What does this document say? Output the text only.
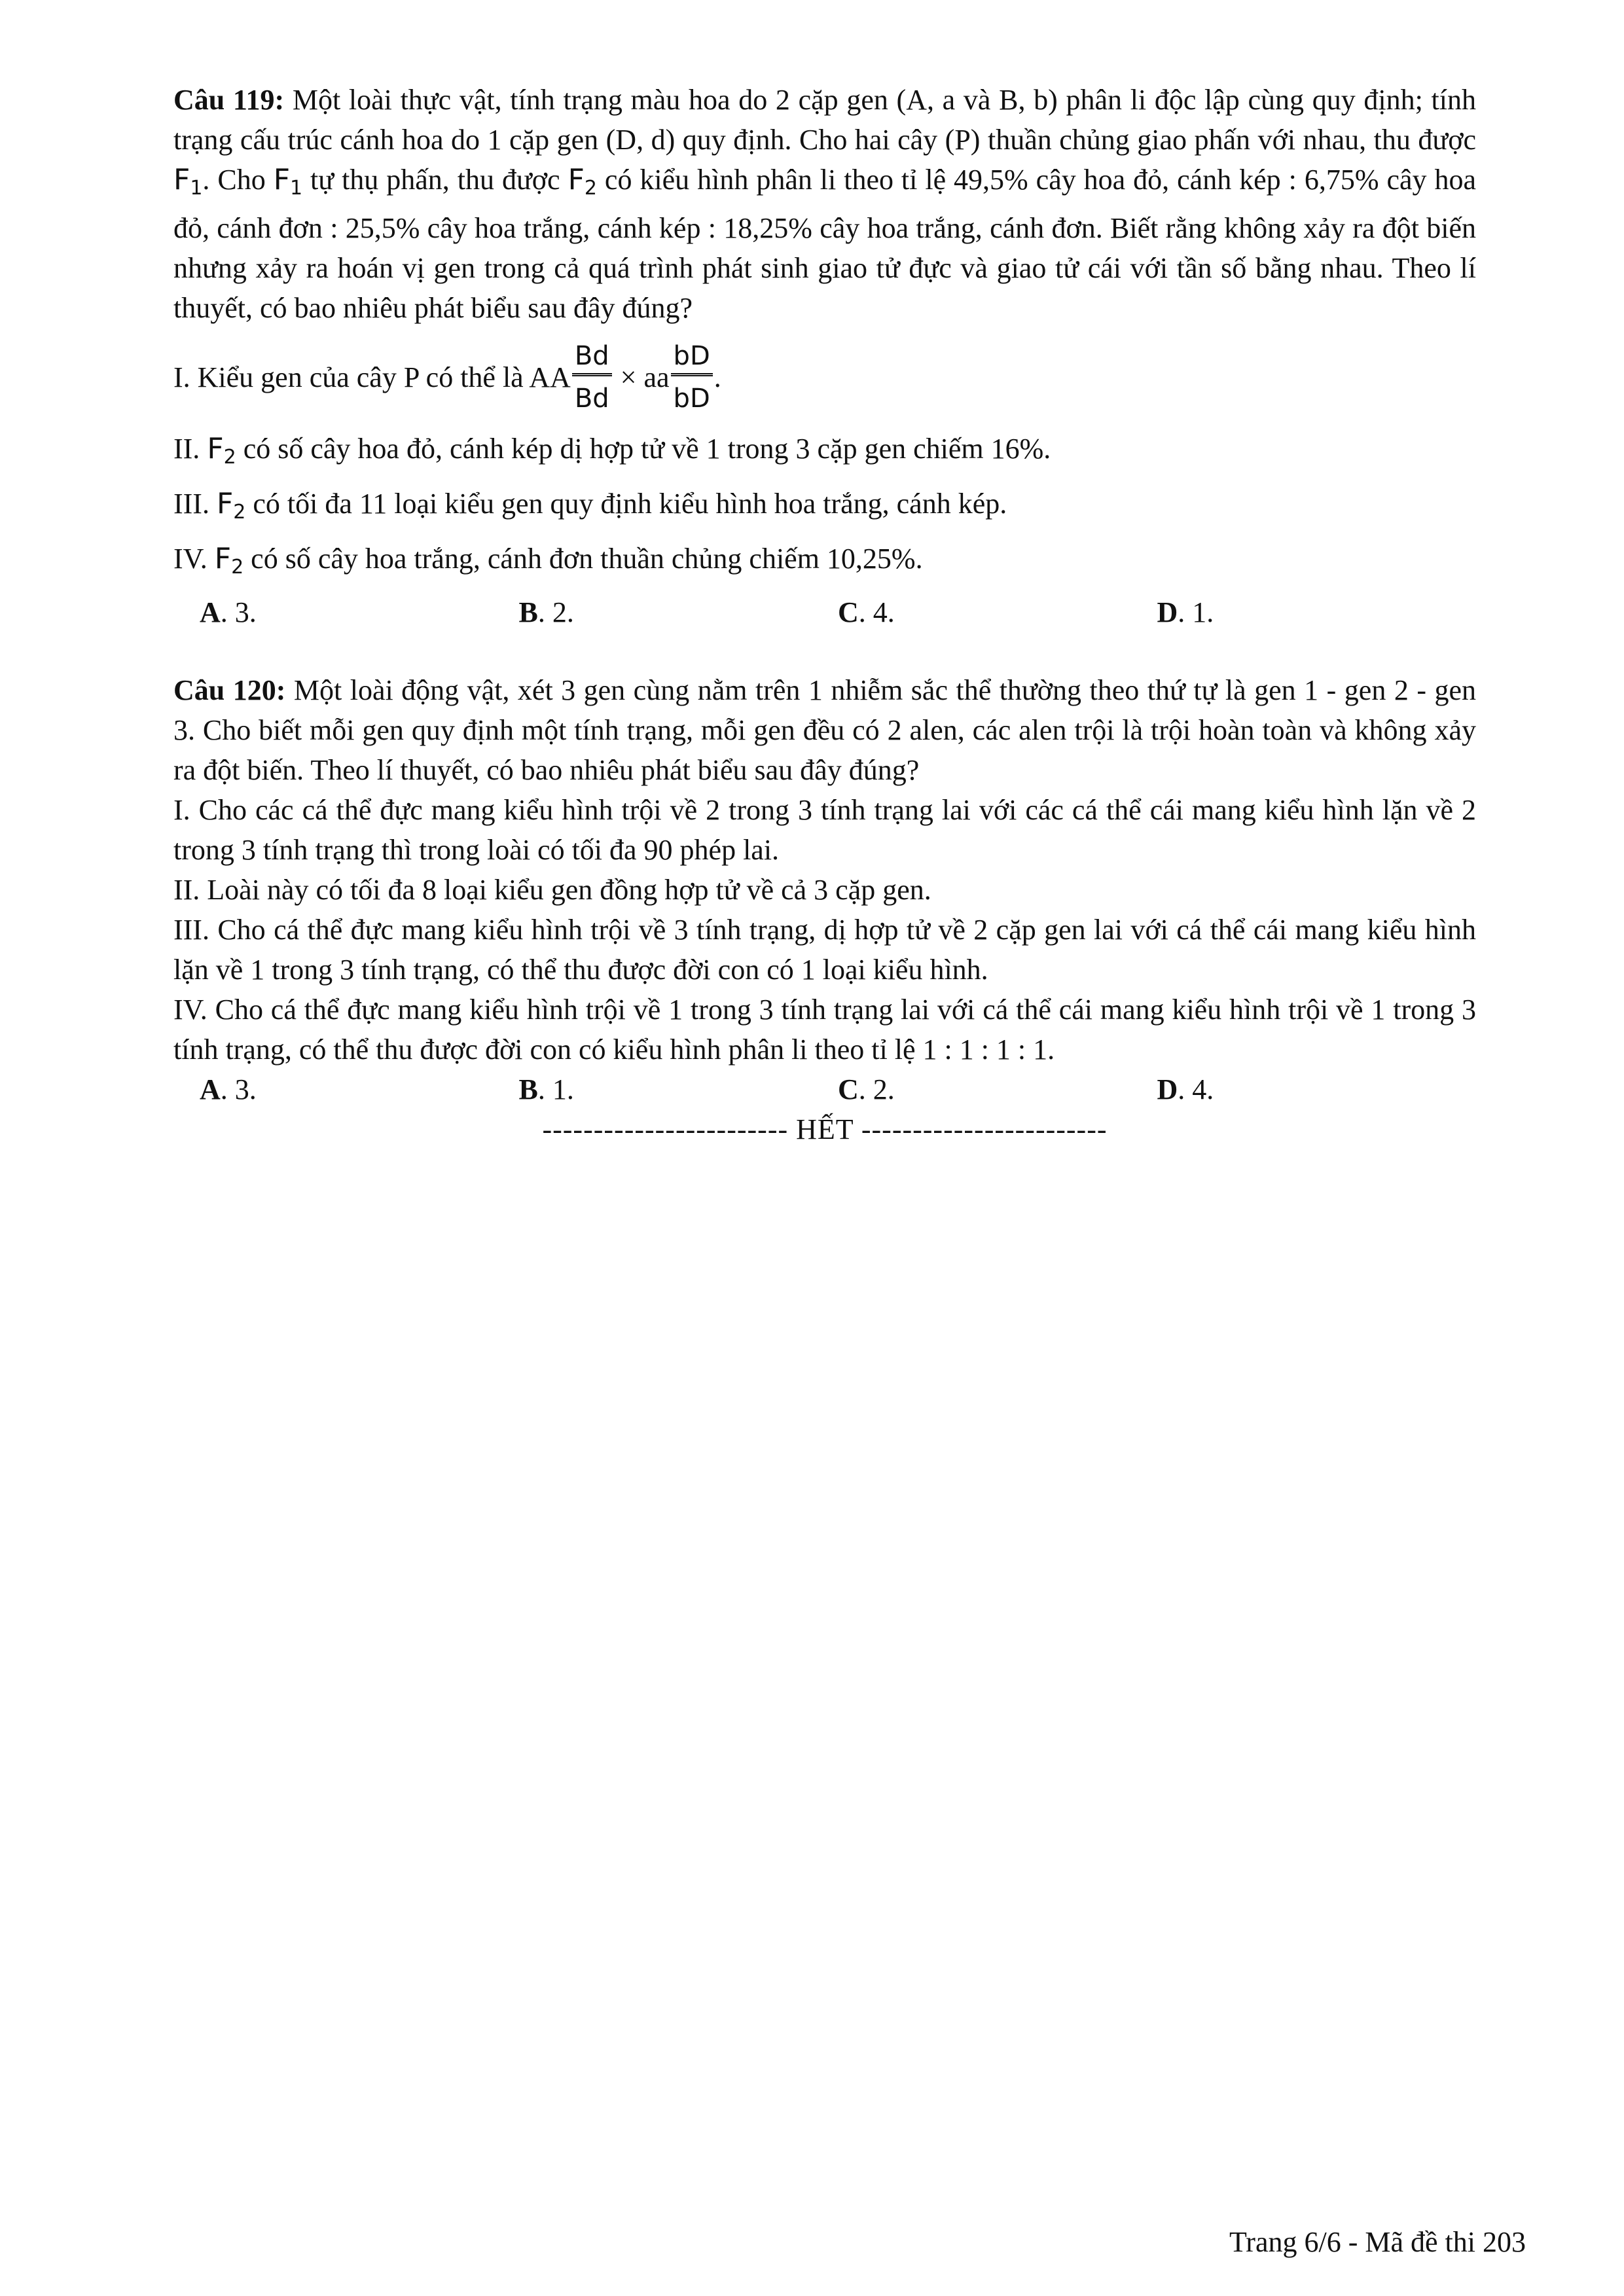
Câu 119: Một loài thực vật, tính trạng màu hoa do 2 cặp gen (A, a và B, b) phân li độc lập cùng quy định; tính trạng cấu trúc cánh hoa do 1 cặp gen (D, d) quy định. Cho hai cây (P) thuần chủng giao phấn với nhau, thu được $F_1$. Cho $F_1$ tự thụ phấn, thu được $F_2$ có kiểu hình phân li theo tỉ lệ 49,5% cây hoa đỏ, cánh kép : 6,75% cây hoa đỏ, cánh đơn : 25,5% cây hoa trắng, cánh kép : 18,25% cây hoa trắng, cánh đơn. Biết rằng không xảy ra đột biến nhưng xảy ra hoán vị gen trong cả quá trình phát sinh giao tử đực và giao tử cái với tần số bằng nhau. Theo lí thuyết, có bao nhiêu phát biểu sau đây đúng?
I. Kiểu gen của cây P có thể là AA $\frac{Bd}{Bd}$ × aa $\frac{bD}{bD}$ .
II. $F_2$ có số cây hoa đỏ, cánh kép dị hợp tử về 1 trong 3 cặp gen chiếm 16%.
III. $F_2$ có tối đa 11 loại kiểu gen quy định kiểu hình hoa trắng, cánh kép.
IV. $F_2$ có số cây hoa trắng, cánh đơn thuần chủng chiếm 10,25%.
A. 3.	B. 2.	C. 4.	D. 1.
Câu 120: Một loài động vật, xét 3 gen cùng nằm trên 1 nhiễm sắc thể thường theo thứ tự là gen 1 - gen 2 - gen 3. Cho biết mỗi gen quy định một tính trạng, mỗi gen đều có 2 alen, các alen trội là trội hoàn toàn và không xảy ra đột biến. Theo lí thuyết, có bao nhiêu phát biểu sau đây đúng?
I. Cho các cá thể đực mang kiểu hình trội về 2 trong 3 tính trạng lai với các cá thể cái mang kiểu hình lặn về 2 trong 3 tính trạng thì trong loài có tối đa 90 phép lai.
II. Loài này có tối đa 8 loại kiểu gen đồng hợp tử về cả 3 cặp gen.
III. Cho cá thể đực mang kiểu hình trội về 3 tính trạng, dị hợp tử về 2 cặp gen lai với cá thể cái mang kiểu hình lặn về 1 trong 3 tính trạng, có thể thu được đời con có 1 loại kiểu hình.
IV. Cho cá thể đực mang kiểu hình trội về 1 trong 3 tính trạng lai với cá thể cái mang kiểu hình trội về 1 trong 3 tính trạng, có thể thu được đời con có kiểu hình phân li theo tỉ lệ 1 : 1 : 1 : 1.
A. 3.	B. 1.	C. 2.	D. 4.
------------------------ HẾT ------------------------
Trang 6/6 - Mã đề thi 203
